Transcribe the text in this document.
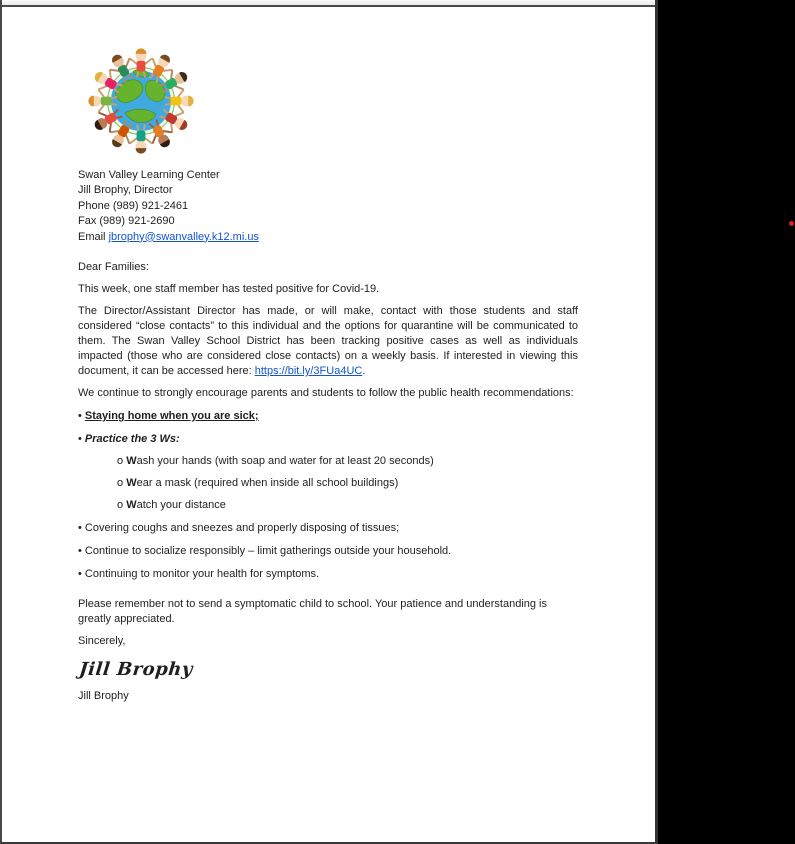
Swan Valley Learning Center

Jill Brophy, Director

Phone (989) 921-2461

Fax (989) 921-2690

Email jbrophy@swanvalley.k12.mi.us

Dear Families:

This week, one staff member has tested positive for Covid-19.

The Director/Assistant Director has made, or will make, contact with those students and staff considered “close contacts” to this individual and the options for quarantine will be communicated to them. The Swan Valley School District has been tracking positive cases as well as individuals impacted (those who are considered close contacts) on a weekly basis. If interested in viewing this document, it can be accessed here: https://bit.ly/3FUa4UC.

We continue to strongly encourage parents and students to follow the public health recommendations:

• Staying home when you are sick;

• Practice the 3 Ws:

o Wash your hands (with soap and water for at least 20 seconds)

o Wear a mask (required when inside all school buildings)

o Watch your distance

• Covering coughs and sneezes and properly disposing of tissues;

• Continue to socialize responsibly – limit gatherings outside your household.

• Continuing to monitor your health for symptoms.

Please remember not to send a symptomatic child to school. Your patience and understanding is greatly appreciated.

Sincerely,

Jill Brophy

Jill Brophy
